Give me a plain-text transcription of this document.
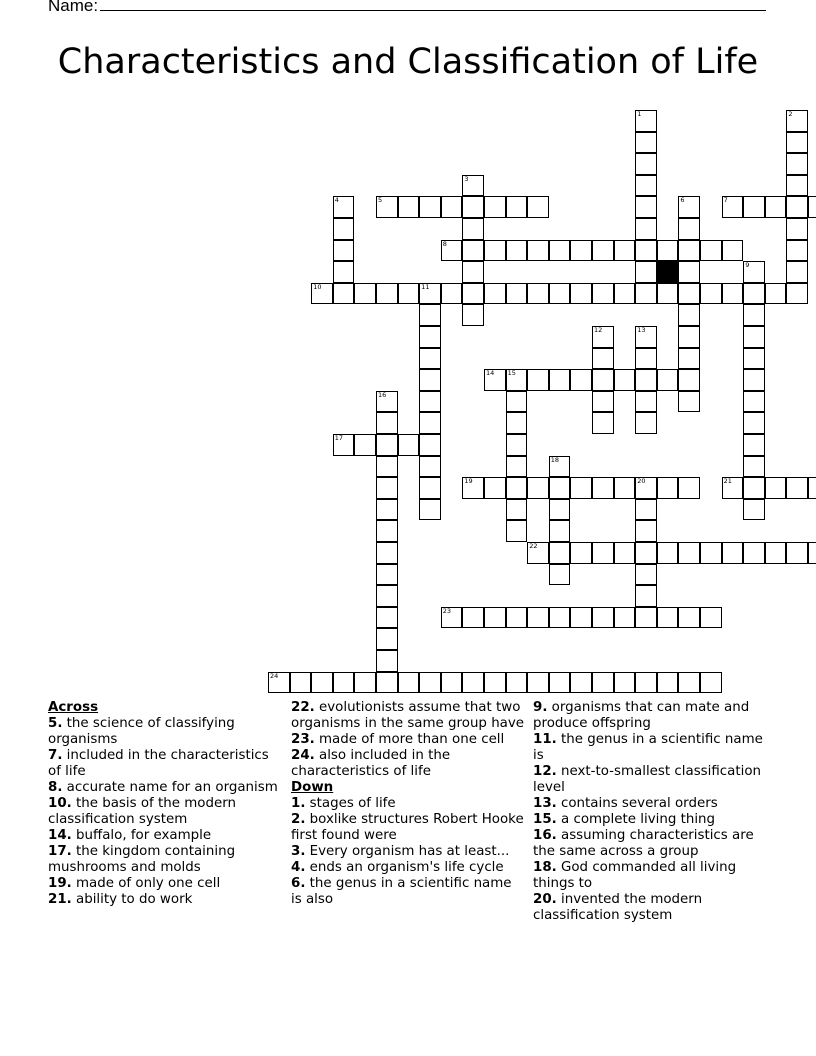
Name:
Characteristics and Classification of Life
1	2
3
4	5	6	7
8
9
10	11
12	13
14 15
16
17
18
19	20	21
22
23
24
Across

5. the science of classifying organisms

7. included in the characteristics of life

8. accurate name for an organism

10. the basis of the modern classification system

14. buffalo, for example

17. the kingdom containing mushrooms and molds

19. made of only one cell

21. ability to do work

22. evolutionists assume that two organisms in the same group have

23. made of more than one cell

24. also included in the characteristics of life

Down

1. stages of life

2. boxlike structures Robert Hooke first found were

3. Every organism has at least...

4. ends an organism's life cycle

6. the genus in a scientific name is also

9. organisms that can mate and produce offspring

11. the genus in a scientific name is

12. next-to-smallest classification level

13. contains several orders

15. a complete living thing

16. assuming characteristics are the same across a group

18. God commanded all living things to

20. invented the modern classification system
